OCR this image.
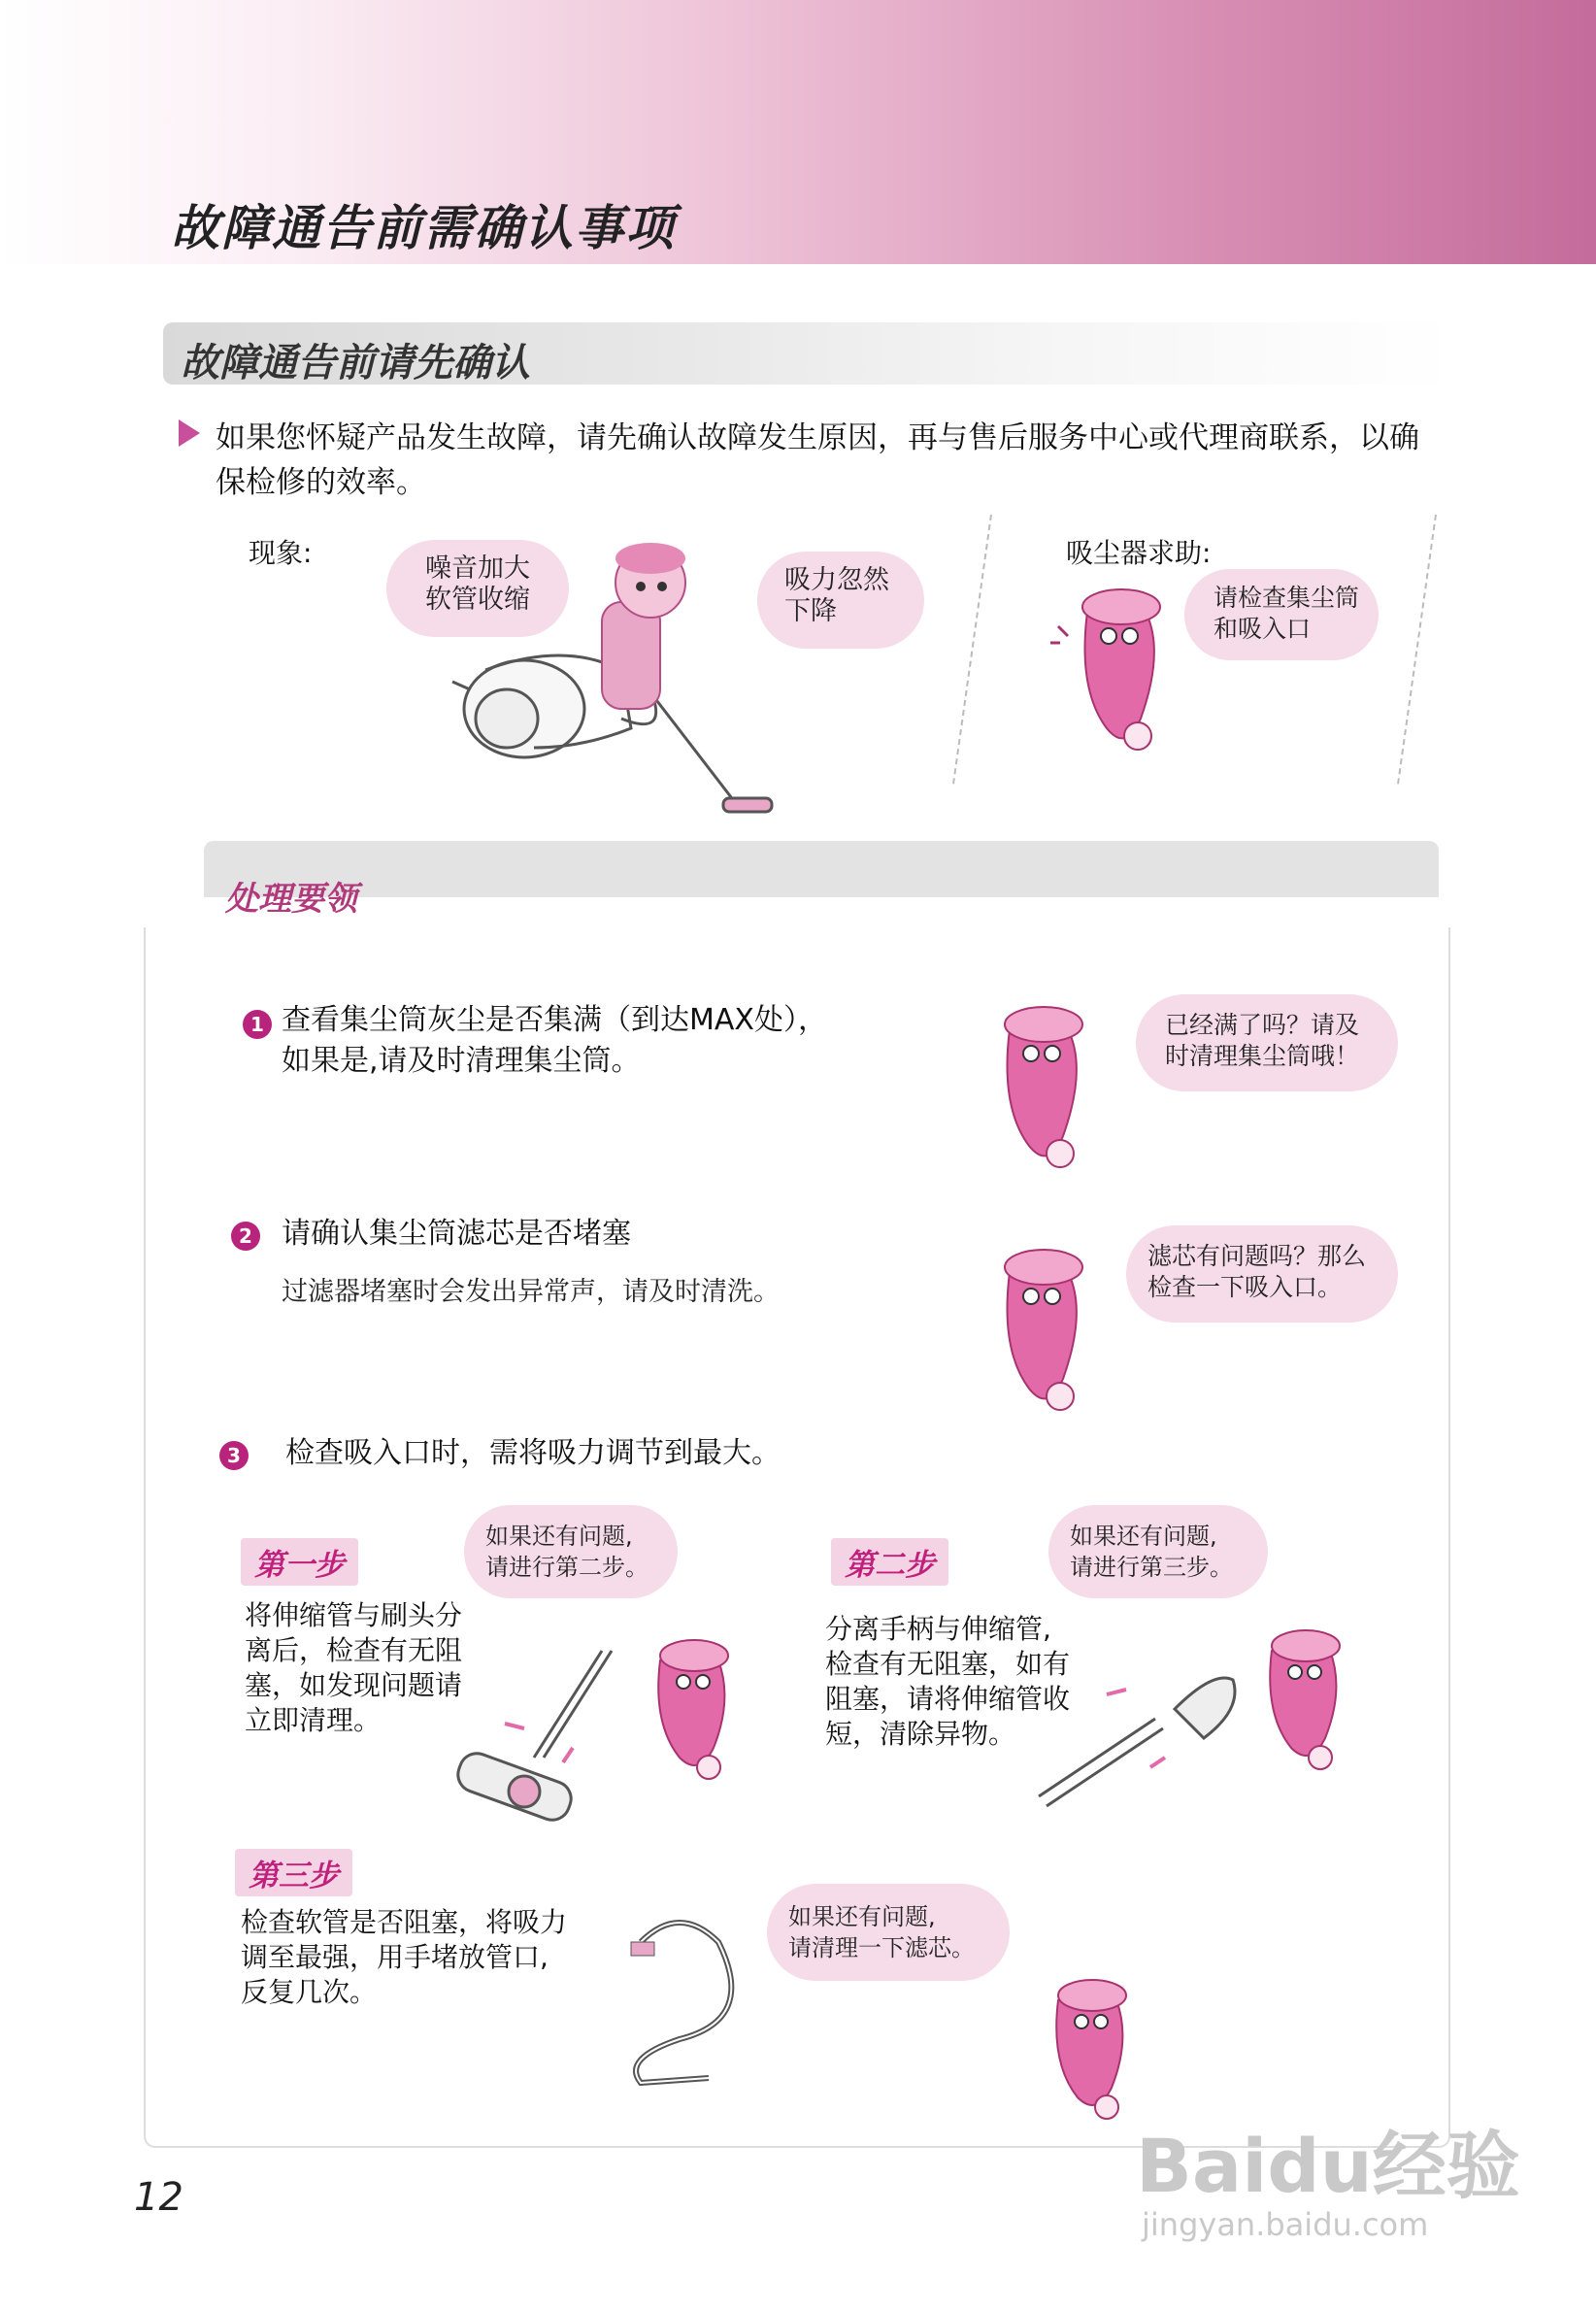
故障通告前需确认事项
故障通告前请先确认
如果您怀疑产品发生故障，请先确认故障发生原因，再与售后服务中心或代理商联系，以确保检修的效率。
现象:	噪音加大
软管收缩
吸力忽然
下降
吸尘器求助:
请检查集尘筒
和吸入口
处理要领
1 查看集尘筒灰尘是否集满（到达MAX处），
如果是,请及时清理集尘筒。
已经满了吗？请及
时清理集尘筒哦！
2 请确认集尘筒滤芯是否堵塞
过滤器堵塞时会发出异常声，请及时清洗。
滤芯有问题吗？那么
检查一下吸入口。
3 检查吸入口时，需将吸力调节到最大。
第一步
将伸缩管与刷头分
离后，检查有无阻
塞，如发现问题请
立即清理。
如果还有问题,
请进行第二步。	第二步
分离手柄与伸缩管,
检查有无阻塞，如有
阻塞，请将伸缩管收
短，清除异物。
如果还有问题,
请进行第三步。
第三步
检查软管是否阻塞，将吸力
调至最强，用手堵放管口,
反复几次。
如果还有问题,
请清理一下滤芯。
12	Baidu经验
jingyan.baidu.com
